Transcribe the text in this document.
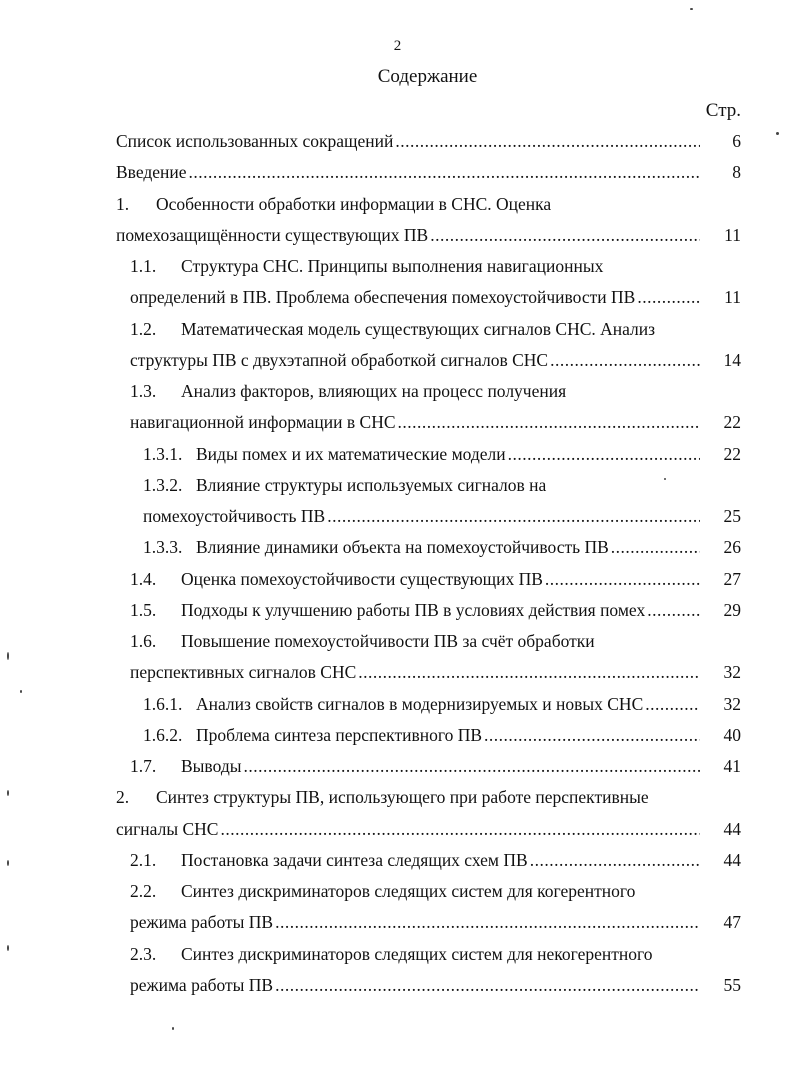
2
Содержание
Стр.
Список использованных сокращений .....	6
Введение .....	8
1. Особенности обработки информации в СНС. Оценка
помехозащищённости существующих ПВ .....	11
1.1. Структура СНС. Принципы выполнения навигационных
определений в ПВ. Проблема обеспечения помехоустойчивости ПВ .....	11
1.2. Математическая модель существующих сигналов СНС. Анализ
структуры ПВ с двухэтапной обработкой сигналов СНС .....	14
1.3. Анализ факторов, влияющих на процесс получения
навигационной информации в СНС .....	22
1.3.1. Виды помех и их математические модели .....	22
1.3.2. Влияние структуры используемых сигналов на
помехоустойчивость ПВ .....	25
1.3.3. Влияние динамики объекта на помехоустойчивость ПВ .....	26
1.4. Оценка помехоустойчивости существующих ПВ .....	27
1.5. Подходы к улучшению работы ПВ в условиях действия помех .....	29
1.6. Повышение помехоустойчивости ПВ за счёт обработки
перспективных сигналов СНС .....	32
1.6.1. Анализ свойств сигналов в модернизируемых и новых СНС .....	32
1.6.2. Проблема синтеза перспективного ПВ .....	40
1.7. Выводы .....	41
2. Синтез структуры ПВ, использующего при работе перспективные
сигналы СНС .....	44
2.1. Постановка задачи синтеза следящих схем ПВ .....	44
2.2. Синтез дискриминаторов следящих систем для когерентного
режима работы ПВ .....	47
2.3. Синтез дискриминаторов следящих систем для некогерентного
режима работы ПВ .....	55
